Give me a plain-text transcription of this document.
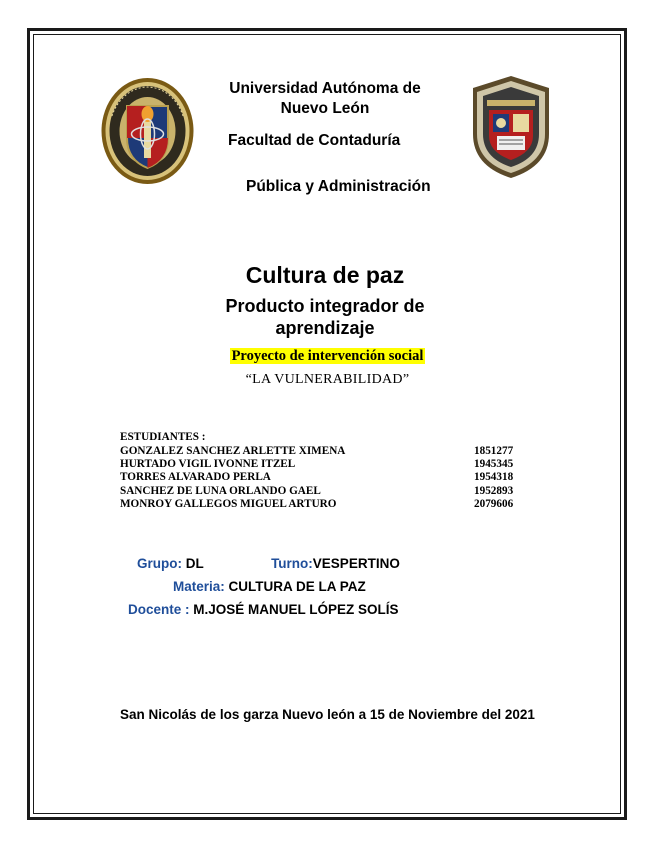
Universidad Autónoma de
Nuevo León
Facultad de Contaduría
Pública y Administración
Cultura de paz
Producto integrador de
aprendizaje
Proyecto de intervención social
“LA VULNERABILIDAD”
ESTUDIANTES :
GONZALEZ SANCHEZ ARLETTE XIMENA	1851277
HURTADO VIGIL IVONNE ITZEL	1945345
TORRES ALVARADO PERLA	1954318
SANCHEZ DE LUNA ORLANDO GAEL	1952893
MONROY GALLEGOS MIGUEL ARTURO	2079606
Grupo: DL	Turno:VESPERTINO
Materia: CULTURA DE LA PAZ
Docente : M.JOSÉ MANUEL LÓPEZ SOLÍS
San Nicolás de los garza Nuevo león a 15 de Noviembre del 2021
